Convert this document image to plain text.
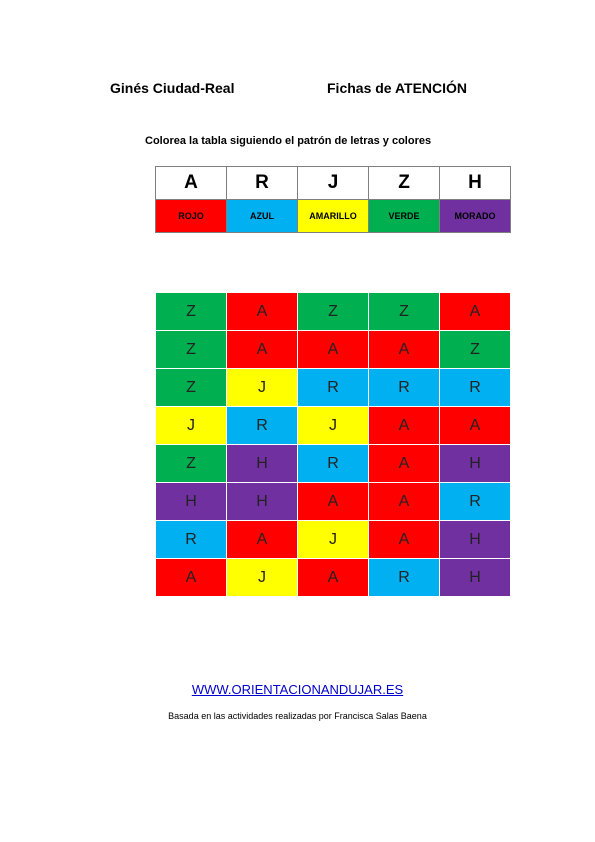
Ginés Ciudad-Real	Fichas de ATENCIÓN
Colorea la tabla siguiendo el patrón de letras y colores
A	R	J	Z	H
ROJO	AZUL	AMARILLO	VERDE	MORADO
Z	A	Z	Z	A
Z	A	A	A	Z
Z	J	R	R	R
J	R	J	A	A
Z	H	R	A	H
H	H	A	A	R
R	A	J	A	H
A	J	A	R	H
WWW.ORIENTACIONANDUJAR.ES
Basada en las actividades realizadas por Francisca Salas Baena
